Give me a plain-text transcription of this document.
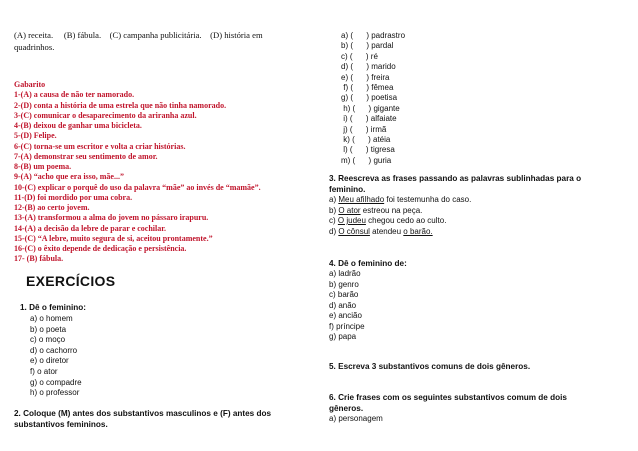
(A) receita.     (B) fábula.    (C) campanha publicitária.    (D) história em
quadrinhos.
Gabarito
1-(A) a causa de não ter namorado.
2-(D) conta a história de uma estrela que não tinha namorado.
3-(C) comunicar o desaparecimento da ariranha azul.
4-(B) deixou de ganhar uma bicicleta.
5-(D) Felipe.
6-(C) torna-se um escritor e volta a criar histórias.
7-(A) demonstrar seu sentimento de amor.
8-(B) um poema.
9-(A) “acho que era isso, mãe...”
10-(C) explicar o porquê do uso da palavra “mãe” ao invés de “mamãe”.
11-(D) foi mordido por uma cobra.
12-(B) ao certo jovem.
13-(A) transformou a alma do jovem no pássaro irapuru.
14-(A) a decisão da lebre de parar e cochilar.
15-(C) “A lebre, muito segura de si, aceitou prontamente.”
16-(C) o êxito depende de dedicação e persistência.
17- (B) fábula.
EXERCÍCIOS
1. Dê o feminino:
a) o homem
b) o poeta
c) o moço
d) o cachorro
e) o diretor
f) o ator
g) o compadre
h) o professor
2. Coloque (M) antes dos substantivos masculinos e (F) antes dos
substantivos femininos.
a) (      ) padrastro
b) (      ) pardal
c) (      ) ré
d) (      ) marido
e) (      ) freira
f) (      ) fêmea
g) (      ) poetisa
h) (      ) gigante
i) (      ) alfaiate
j) (      ) irmã
k) (      ) atéia
l) (      ) tigresa
m) (      ) guria
3. Reescreva as frases passando as palavras sublinhadas para o
feminino.
a) Meu afilhado foi testemunha do caso.
b) O ator estreou na peça.
c) O judeu chegou cedo ao culto.
d) O cônsul atendeu o barão.
4. Dê o feminino de:
a) ladrão
b) genro
c) barão
d) anão
e) ancião
f) príncipe
g) papa
5. Escreva 3 substantivos comuns de dois gêneros.
6. Crie frases com os seguintes substantivos comum de dois
gêneros.
a) personagem
